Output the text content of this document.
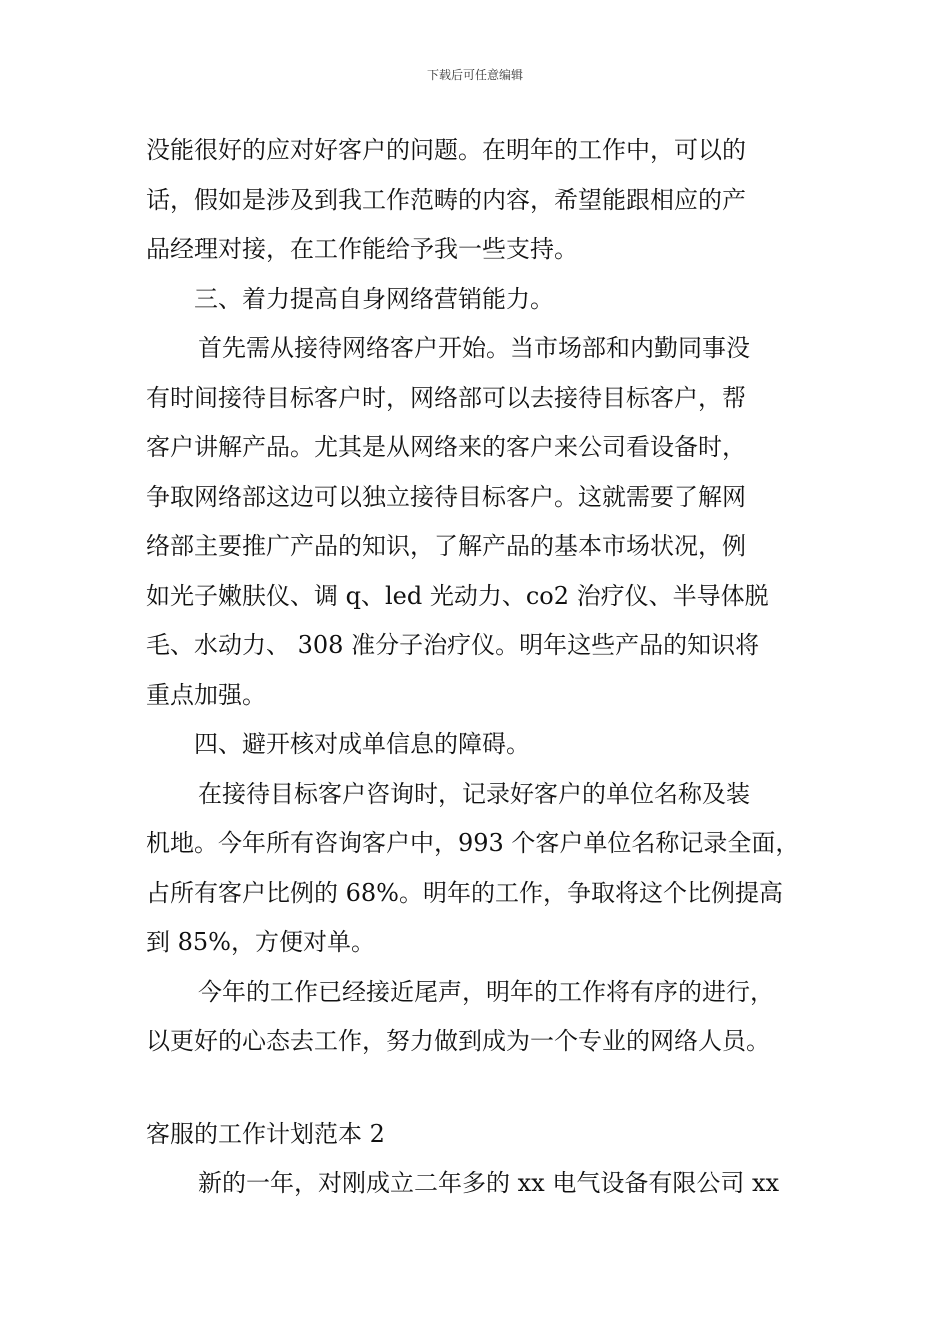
下载后可任意编辑

没能很好的应对好客户的问题。在明年的工作中，可以的

话，假如是涉及到我工作范畴的内容，希望能跟相应的产

品经理对接，在工作能给予我一些支持。

三、着力提高自身网络营销能力。

首先需从接待网络客户开始。当市场部和内勤同事没

有时间接待目标客户时，网络部可以去接待目标客户，帮

客户讲解产品。尤其是从网络来的客户来公司看设备时，

争取网络部这边可以独立接待目标客户。这就需要了解网

络部主要推广产品的知识，了解产品的基本市场状况，例

如光子嫩肤仪、调 q、led 光动力、co2 治疗仪、半导体脱

毛、水动力、 308 准分子治疗仪。明年这些产品的知识将

重点加强。

四、避开核对成单信息的障碍。

在接待目标客户咨询时，记录好客户的单位名称及装

机地。今年所有咨询客户中，993 个客户单位名称记录全面，

占所有客户比例的 68%。明年的工作，争取将这个比例提高

到 85%，方便对单。

今年的工作已经接近尾声，明年的工作将有序的进行，

以更好的心态去工作，努力做到成为一个专业的网络人员。

客服的工作计划范本 2

新的一年，对刚成立二年多的 xx 电气设备有限公司 xx
